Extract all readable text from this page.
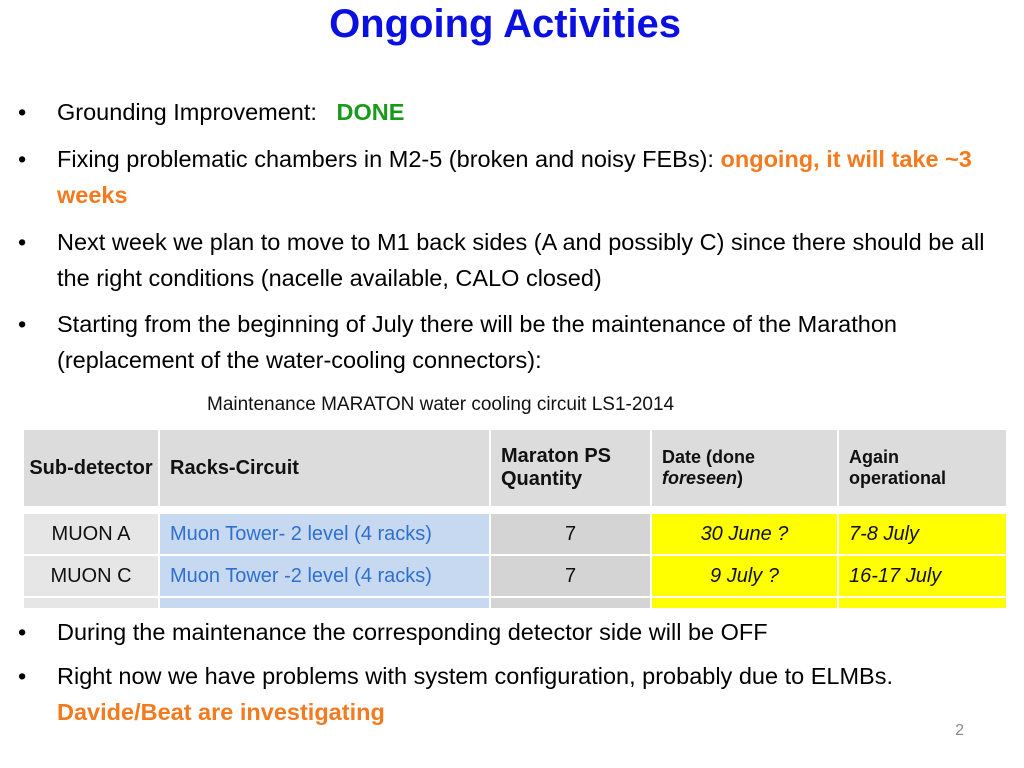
Ongoing Activities
•	Grounding Improvement: DONE
•	Fixing problematic chambers in M2-5 (broken and noisy FEBs): ongoing, it will take ~3 weeks
•	Next week we plan to move to M1 back sides (A and possibly C) since there should be all the right conditions (nacelle available, CALO closed)
•	Starting from the beginning of July there will be the maintenance of the Marathon (replacement of the water-cooling connectors):
Maintenance MARATON water cooling circuit LS1-2014
Sub-detector	Racks-Circuit	Maraton PS Quantity	Date (done foreseen)	Again operational

MUON A	Muon Tower- 2 level (4 racks)	7	30 June ?	7-8 July
MUON C	Muon Tower -2 level (4 racks)	7	9 July ?	16-17 July

•	During the maintenance the corresponding detector side will be OFF
•	Right now we have problems with system configuration, probably due to ELMBs. Davide/Beat are investigating
2
